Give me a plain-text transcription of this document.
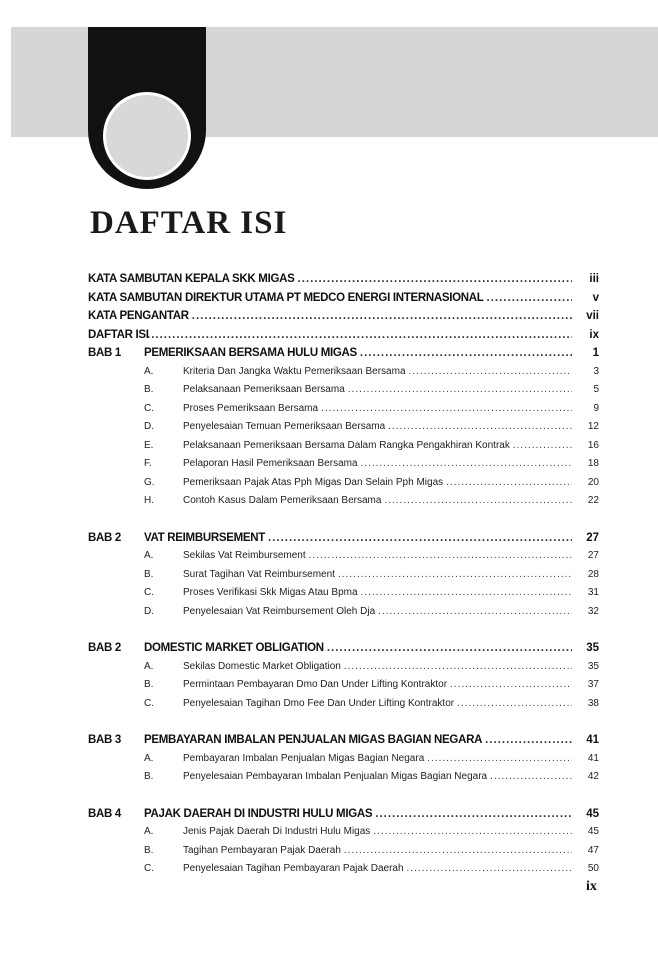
DAFTAR ISI
KATA SAMBUTAN KEPALA SKK MIGAS .....	iii
KATA SAMBUTAN DIREKTUR UTAMA PT MEDCO ENERGI INTERNASIONAL .....	v
KATA PENGANTAR .....	vii
DAFTAR ISI .....	ix
BAB 1	PEMERIKSAAN BERSAMA HULU MIGAS .....	1
A.	Kriteria Dan Jangka Waktu Pemeriksaan Bersama .....	3
B.	Pelaksanaan Pemeriksaan Bersama .....	5
C.	Proses Pemeriksaan Bersama .....	9
D.	Penyelesaian Temuan Pemeriksaan Bersama .....	12
E.	Pelaksanaan Pemeriksaan Bersama Dalam Rangka Pengakhiran Kontrak .....	16
F.	Pelaporan Hasil Pemeriksaan Bersama .....	18
G.	Pemeriksaan Pajak Atas Pph Migas Dan Selain Pph Migas .....	20
H.	Contoh Kasus Dalam Pemeriksaan Bersama .....	22
BAB 2	VAT REIMBURSEMENT .....	27
A.	Sekilas Vat Reimbursement .....	27
B.	Surat Tagihan Vat Reimbursement .....	28
C.	Proses Verifikasi Skk Migas Atau Bpma .....	31
D.	Penyelesaian Vat Reimbursement Oleh Dja .....	32
BAB 2	DOMESTIC MARKET OBLIGATION .....	35
A.	Sekilas Domestic Market Obligation .....	35
B.	Permintaan Pembayaran Dmo Dan Under Lifting Kontraktor .....	37
C.	Penyelesaian Tagihan Dmo Fee Dan Under Lifting Kontraktor .....	38
BAB 3	PEMBAYARAN IMBALAN PENJUALAN MIGAS BAGIAN NEGARA .....	41
A.	Pembayaran Imbalan Penjualan Migas Bagian Negara .....	41
B.	Penyelesaian Pembayaran Imbalan Penjualan Migas Bagian Negara .....	42
BAB 4	PAJAK DAERAH DI INDUSTRI HULU MIGAS .....	45
A.	Jenis Pajak Daerah Di Industri Hulu Migas .....	45
B.	Tagihan Pembayaran Pajak Daerah .....	47
C.	Penyelesaian Tagihan Pembayaran Pajak Daerah .....	50
ix
